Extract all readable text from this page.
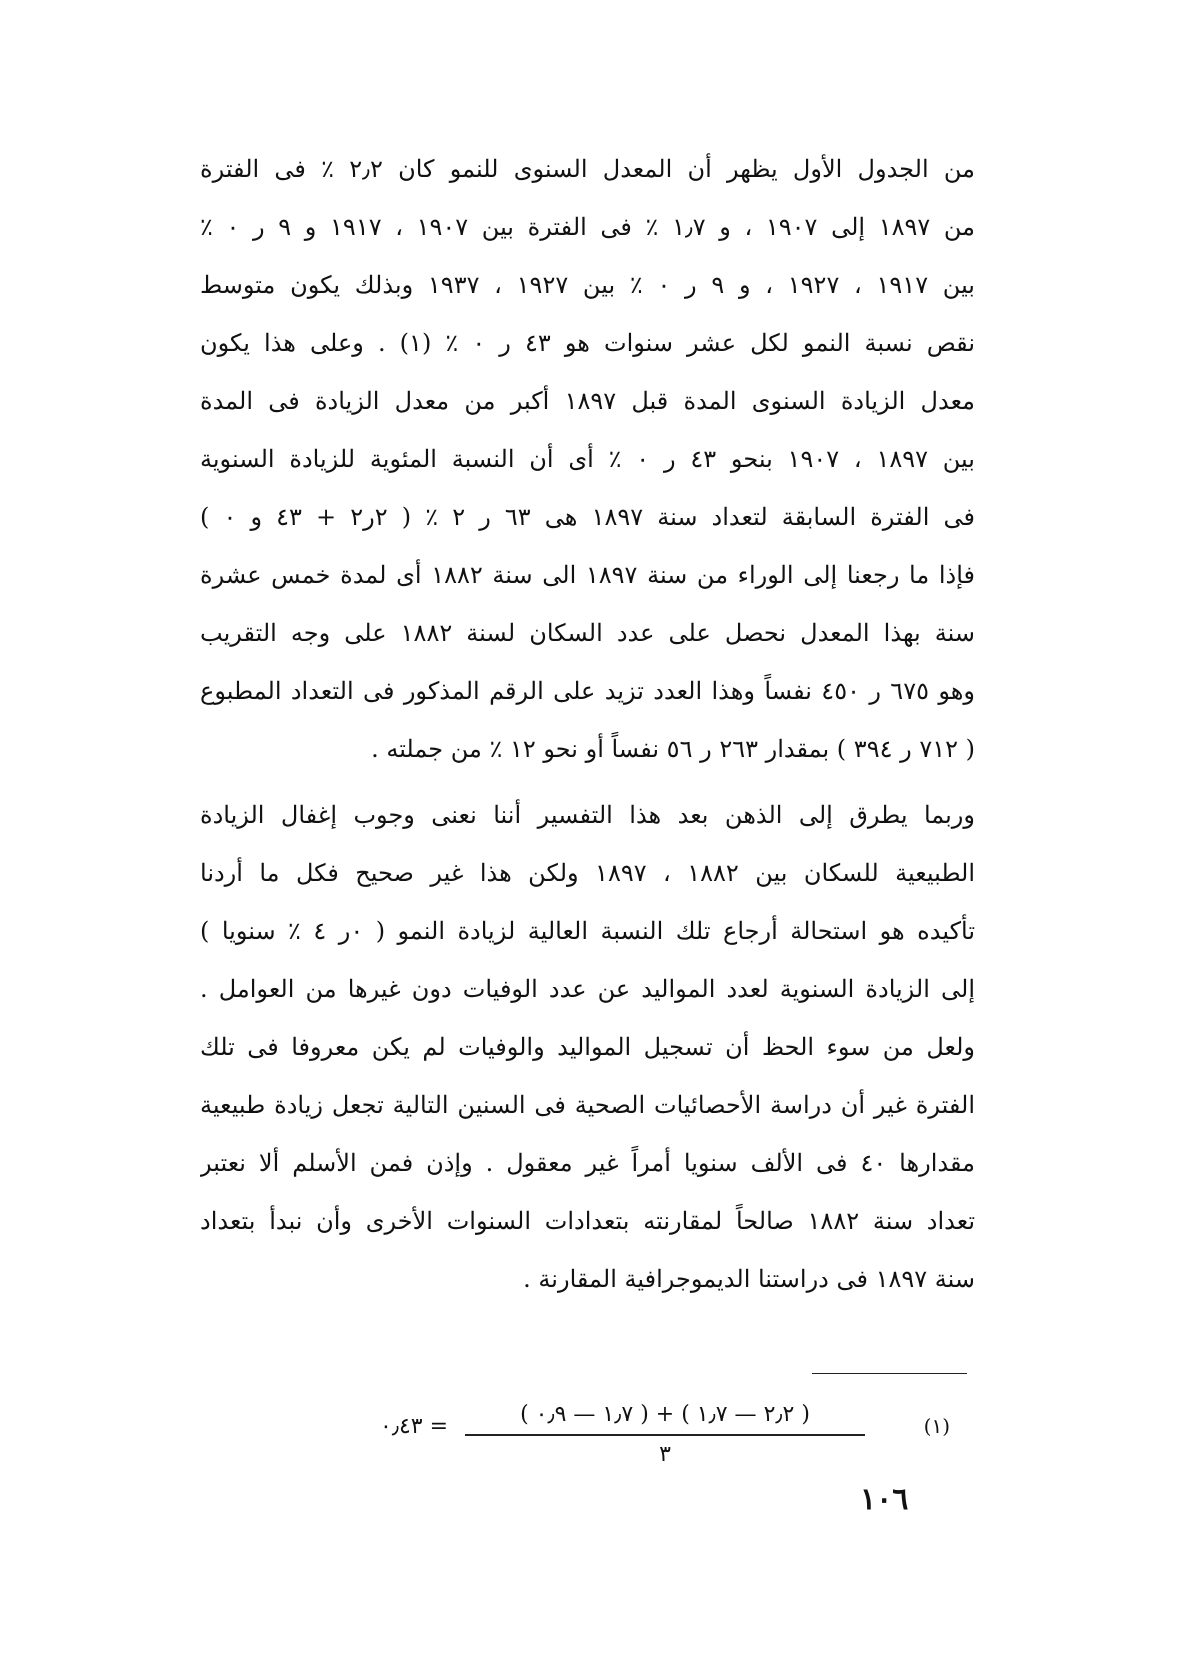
من الجدول الأول يظهر أن المعدل السنوى للنمو كان ٢٫٢ ٪ فى الفترة
من ١٨٩٧ إلى ١٩٠٧ ، و ١٫٧ ٪ فى الفترة بين ١٩٠٧ ، ١٩١٧ و ٩ ر ٠ ٪
بين ١٩١٧ ، ١٩٢٧ ، و ٩ ر ٠ ٪ بين ١٩٢٧ ، ١٩٣٧ وبذلك يكون متوسط
نقص نسبة النمو لكل عشر سنوات هو ٤٣ ر ٠ ٪ (١) . وعلى هذا يكون
معدل الزيادة السنوى المدة قبل ١٨٩٧ أكبر من معدل الزيادة فى المدة
بين ١٨٩٧ ، ١٩٠٧ بنحو ٤٣ ر ٠ ٪ أى أن النسبة المئوية للزيادة السنوية
فى الفترة السابقة لتعداد سنة ١٨٩٧ هى ٦٣ ر ٢ ٪ ( ٢ر٢ + ٤٣ و ٠ )
فإذا ما رجعنا إلى الوراء من سنة ١٨٩٧ الى سنة ١٨٨٢ أى لمدة خمس عشرة
سنة بهذا المعدل نحصل على عدد السكان لسنة ١٨٨٢ على وجه التقريب
وهو ٦٧٥ ر ٤٥٠ نفساً وهذا العدد تزيد على الرقم المذكور فى التعداد المطبوع
( ٧١٢ ر ٣٩٤ ) بمقدار ٢٦٣ ر ٥٦ نفساً أو نحو ١٢ ٪ من جملته .
وربما يطرق إلى الذهن بعد هذا التفسير أننا نعنى وجوب إغفال الزيادة
الطبيعية للسكان بين ١٨٨٢ ، ١٨٩٧ ولكن هذا غير صحيح فكل ما أردنا
تأكيده هو استحالة أرجاع تلك النسبة العالية لزيادة النمو ( ٠ر ٤ ٪ سنويا )
إلى الزيادة السنوية لعدد المواليد عن عدد الوفيات دون غيرها من العوامل .
ولعل من سوء الحظ أن تسجيل المواليد والوفيات لم يكن معروفا فى تلك
الفترة غير أن دراسة الأحصائيات الصحية فى السنين التالية تجعل زيادة طبيعية
مقدارها ٤٠ فى الألف سنويا أمراً غير معقول . وإذن فمن الأسلم ألا نعتبر
تعداد سنة ١٨٨٢ صالحاً لمقارنته بتعدادات السنوات الأخرى وأن نبدأ بتعداد
سنة ١٨٩٧ فى دراستنا الديموجرافية المقارنة .
(١)
( ٢٫٢ — ١٫٧ ) + ( ١٫٧ — ٠٫٩ )
٣
= ٠٫٤٣
١٠٦
